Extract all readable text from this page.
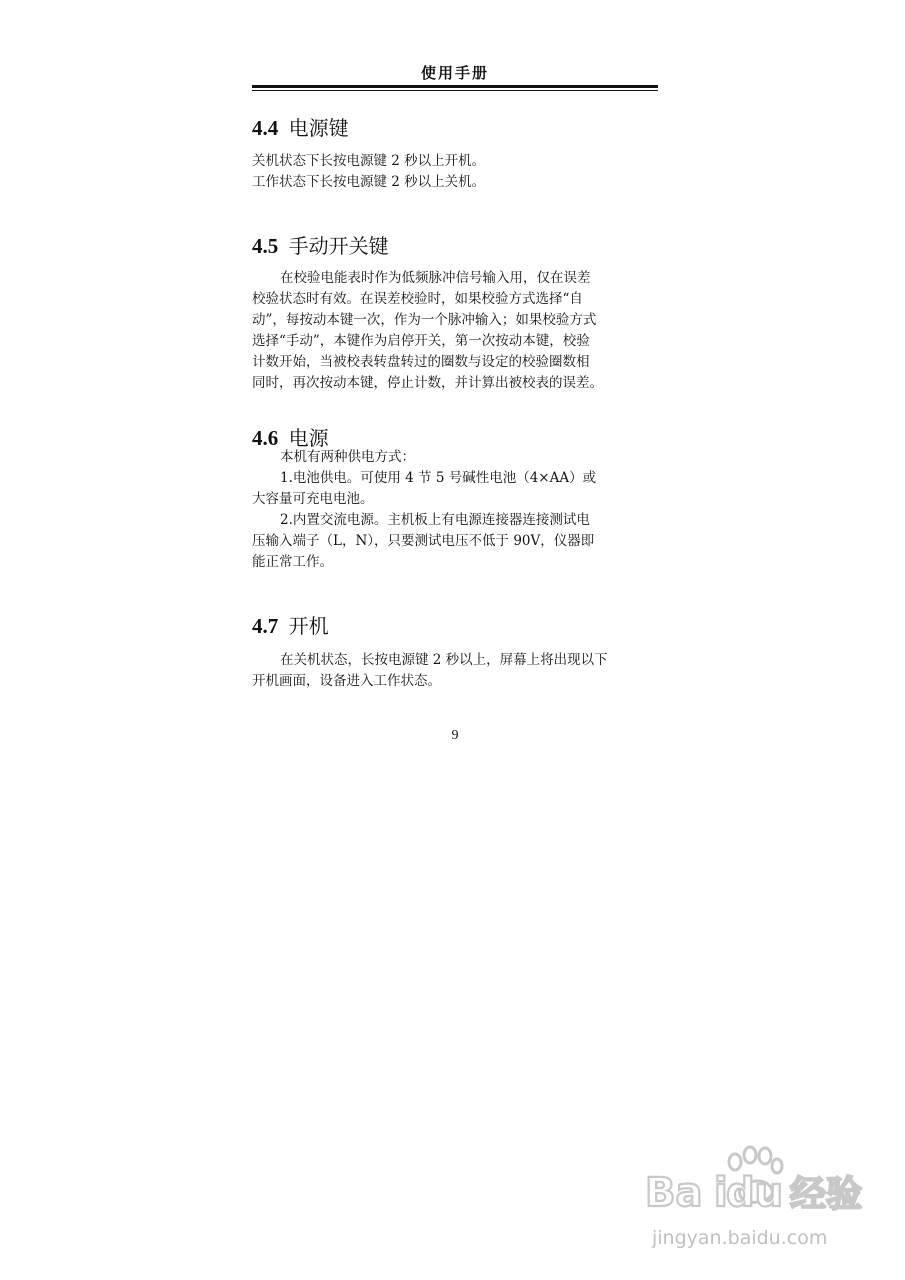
使用手册
4.4 电源键
关机状态下长按电源键 2 秒以上开机。
工作状态下长按电源键 2 秒以上关机。
4.5 手动开关键
在校验电能表时作为低频脉冲信号输入用，仅在误差
校验状态时有效。在误差校验时，如果校验方式选择“自
动”，每按动本键一次，作为一个脉冲输入；如果校验方式
选择“手动”，本键作为启停开关，第一次按动本键，校验
计数开始，当被校表转盘转过的圈数与设定的校验圈数相
同时，再次按动本键，停止计数，并计算出被校表的误差。
4.6 电源
本机有两种供电方式：
1.电池供电。可使用 4 节 5 号碱性电池（4×AA）或
大容量可充电电池。
2.内置交流电源。主机板上有电源连接器连接测试电
压输入端子（L，N），只要测试电压不低于 90V，仪器即
能正常工作。
4.7 开机
在关机状态，长按电源键 2 秒以上，屏幕上将出现以下
开机画面，设备进入工作状态。
9
Ba i
du 经验
jingyan.baidu.com
